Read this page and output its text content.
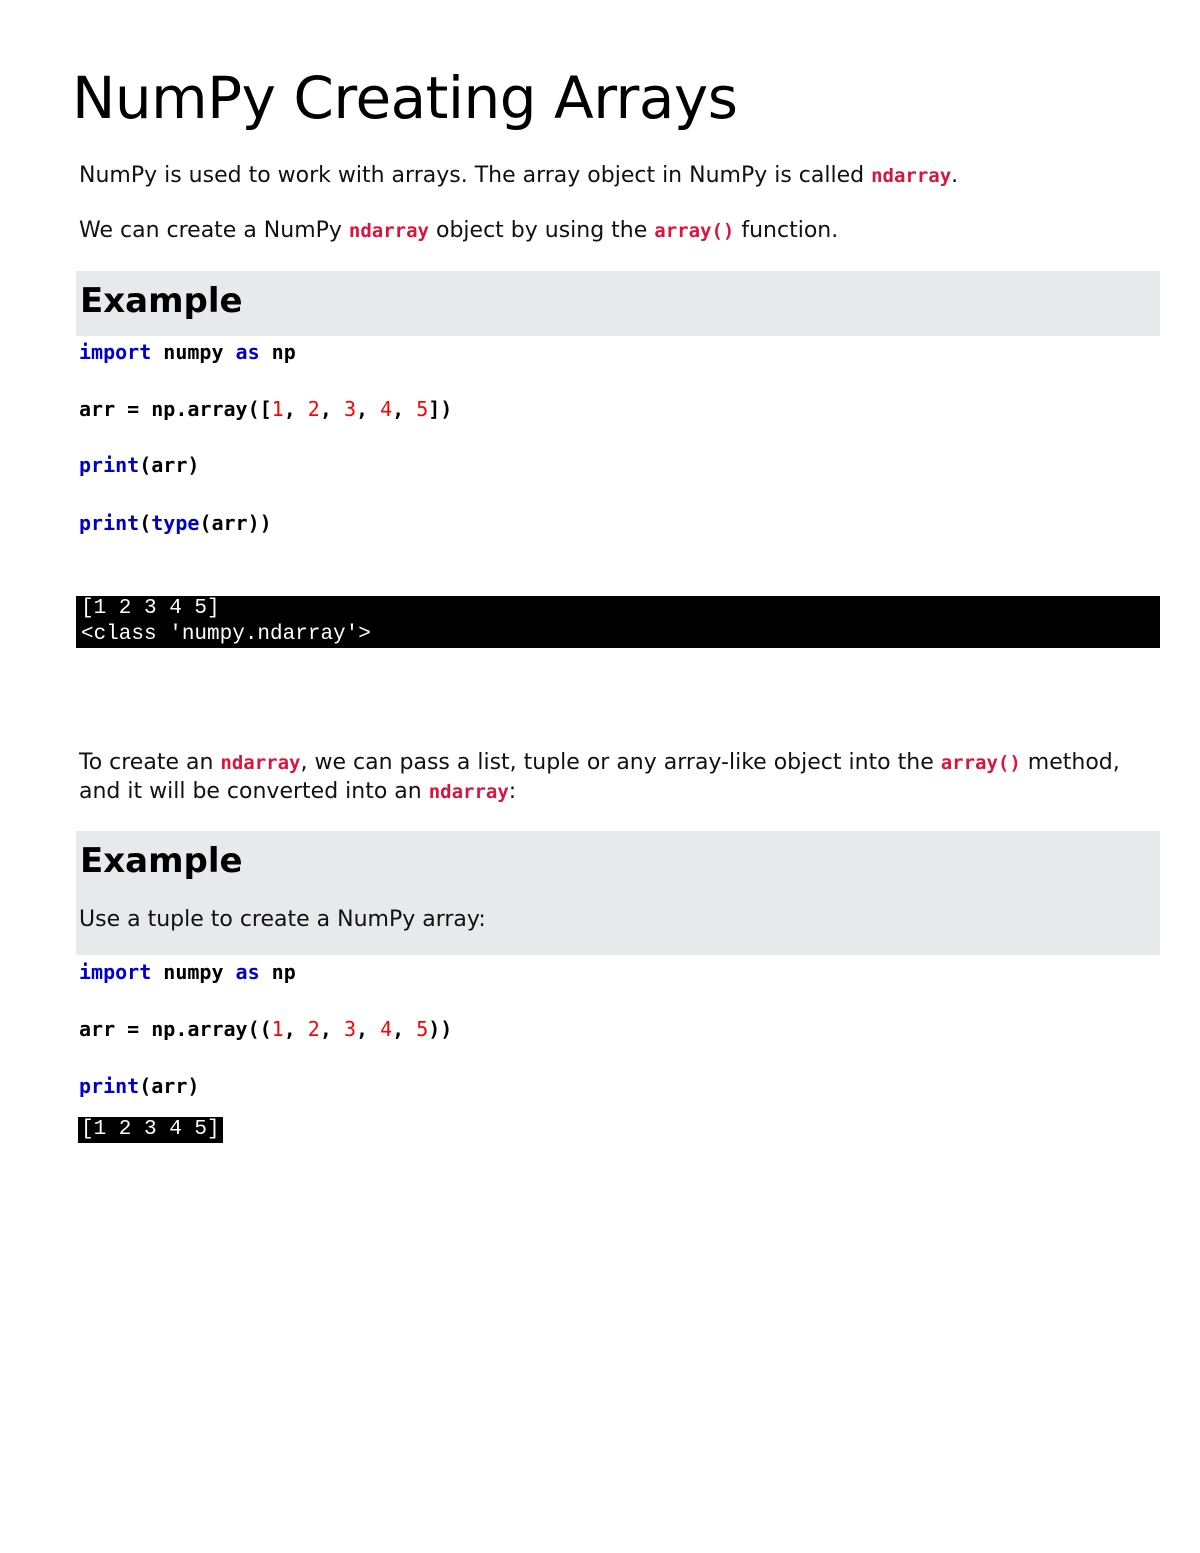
NumPy Creating Arrays
NumPy is used to work with arrays. The array object in NumPy is called ndarray.
We can create a NumPy ndarray object by using the array() function.
Example
import numpy as np
arr = np.array([1, 2, 3, 4, 5])
print(arr)
print(type(arr))
[1 2 3 4 5]
<class 'numpy.ndarray'>
To create an ndarray, we can pass a list, tuple or any array-like object into the array() method,
and it will be converted into an ndarray:
Example
Use a tuple to create a NumPy array:
import numpy as np
arr = np.array((1, 2, 3, 4, 5))
print(arr)
[1 2 3 4 5]
